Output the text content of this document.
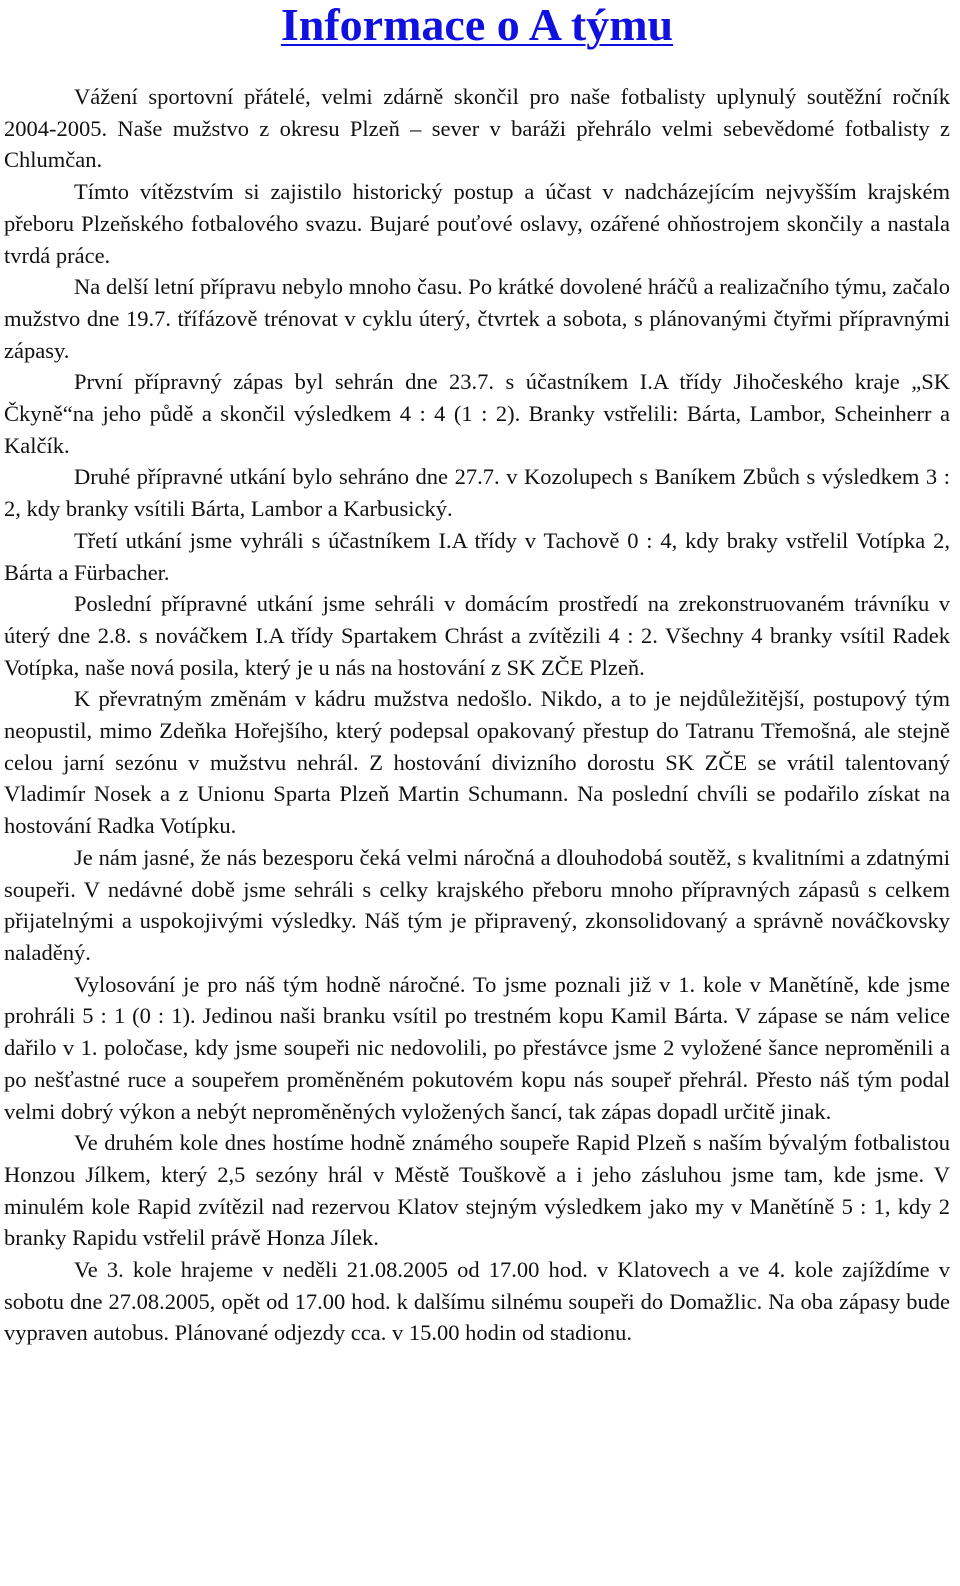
Informace o A týmu

Vážení sportovní přátelé, velmi zdárně skončil pro naše fotbalisty uplynulý soutěžní ročník 2004-2005. Naše mužstvo z okresu Plzeň – sever v baráži přehrálo velmi sebevědomé fotbalisty z Chlumčan.

Tímto vítězstvím si zajistilo historický postup a účast v nadcházejícím nejvyšším krajském přeboru Plzeňského fotbalového svazu. Bujaré pouťové oslavy, ozářené ohňostrojem skončily a nastala tvrdá práce.

Na delší letní přípravu nebylo mnoho času. Po krátké dovolené hráčů a realizačního týmu, začalo mužstvo dne 19.7. třífázově trénovat v cyklu úterý, čtvrtek a sobota, s plánovanými čtyřmi přípravnými zápasy.

První přípravný zápas byl sehrán dne 23.7. s účastníkem I.A třídy Jihočeského kraje „SK Čkyně“na jeho půdě a skončil výsledkem 4 : 4 (1 : 2). Branky vstřelili: Bárta, Lambor, Scheinherr a Kalčík.

Druhé přípravné utkání bylo sehráno dne 27.7. v Kozolupech s Baníkem Zbůch s výsledkem 3 : 2, kdy branky vsítili Bárta, Lambor a Karbusický.

Třetí utkání jsme vyhráli s účastníkem I.A třídy v Tachově 0 : 4, kdy braky vstřelil Votípka 2, Bárta a Fürbacher.

Poslední přípravné utkání jsme sehráli v domácím prostředí na zrekonstruovaném trávníku v úterý dne 2.8. s nováčkem I.A třídy Spartakem Chrást a zvítězili 4 : 2. Všechny 4 branky vsítil Radek Votípka, naše nová posila, který je u nás na hostování z SK ZČE Plzeň.

K převratným změnám v kádru mužstva nedošlo. Nikdo, a to je nejdůležitější, postupový tým neopustil, mimo Zdeňka Hořejšího, který podepsal opakovaný přestup do Tatranu Třemošná, ale stejně celou jarní sezónu v mužstvu nehrál. Z hostování divizního dorostu SK ZČE se vrátil talentovaný Vladimír Nosek a z Unionu Sparta Plzeň Martin Schumann. Na poslední chvíli se podařilo získat na hostování Radka Votípku.

Je nám jasné, že nás bezesporu čeká velmi náročná a dlouhodobá soutěž, s kvalitními a zdatnými soupeři. V nedávné době jsme sehráli s celky krajského přeboru mnoho přípravných zápasů s celkem přijatelnými a uspokojivými výsledky. Náš tým je připravený, zkonsolidovaný a správně nováčkovsky naladěný.

Vylosování je pro náš tým hodně náročné. To jsme poznali již v 1. kole v Manětíně, kde jsme prohráli 5 : 1 (0 : 1). Jedinou naši branku vsítil po trestném kopu Kamil Bárta. V zápase se nám velice dařilo v 1. poločase, kdy jsme soupeři nic nedovolili, po přestávce jsme 2 vyložené šance neproměnili a po nešťastné ruce a soupeřem proměněném pokutovém kopu nás soupeř přehrál. Přesto náš tým podal velmi dobrý výkon a nebýt neproměněných vyložených šancí, tak zápas dopadl určitě jinak.

Ve druhém kole dnes hostíme hodně známého soupeře Rapid Plzeň s naším bývalým fotbalistou Honzou Jílkem, který 2,5 sezóny hrál v Městě Touškově a i jeho zásluhou jsme tam, kde jsme. V minulém kole Rapid zvítězil nad rezervou Klatov stejným výsledkem jako my v Manětíně 5 : 1, kdy 2 branky Rapidu vstřelil právě Honza Jílek.

Ve 3. kole hrajeme v neděli 21.08.2005 od 17.00 hod. v Klatovech a ve 4. kole zajíždíme v sobotu dne 27.08.2005, opět od 17.00 hod. k dalšímu silnému soupeři do Domažlic. Na oba zápasy bude vypraven autobus. Plánované odjezdy cca. v 15.00 hodin od stadionu.
